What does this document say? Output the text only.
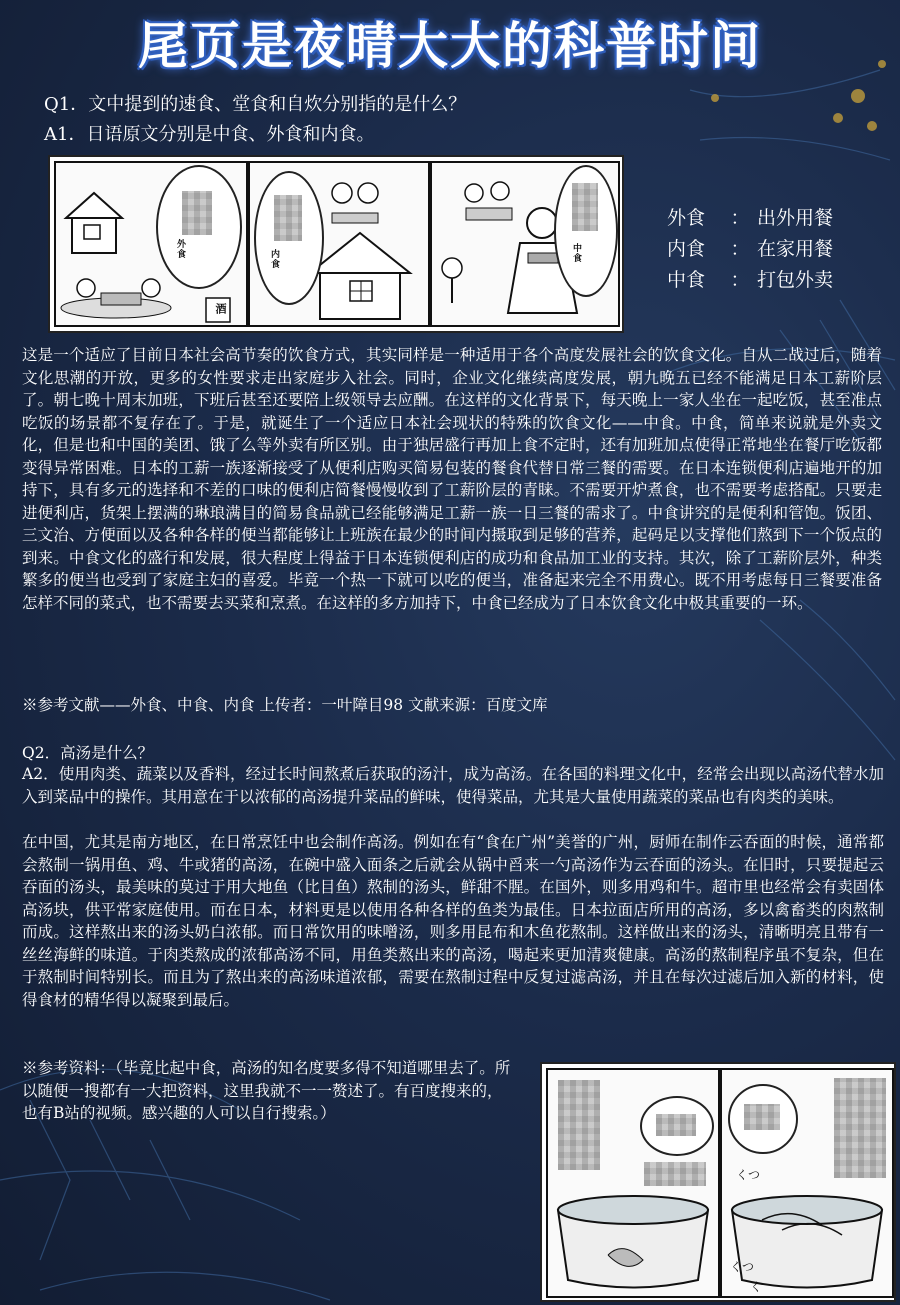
尾页是夜晴大大的科普时间
Q1．文中提到的速食、堂食和自炊分别指的是什么？
A1．日语原文分别是中食、外食和内食。
外食
酒
内食	中食
外食 ： 出外用餐
内食 ： 在家用餐
中食 ： 打包外卖

这是一个适应了目前日本社会高节奏的饮食方式，其实同样是一种适用于各个高度发展社会的饮食文化。自从二战过后，随着文化思潮的开放，更多的女性要求走出家庭步入社会。同时，企业文化继续高度发展，朝九晚五已经不能满足日本工薪阶层了。朝七晚十周末加班，下班后甚至还要陪上级领导去应酬。在这样的文化背景下，每天晚上一家人坐在一起吃饭，甚至准点吃饭的场景都不复存在了。于是，就诞生了一个适应日本社会现状的特殊的饮食文化——中食。中食，简单来说就是外卖文化，但是也和中国的美团、饿了么等外卖有所区别。由于独居盛行再加上食不定时，还有加班加点使得正常地坐在餐厅吃饭都变得异常困难。日本的工薪一族逐渐接受了从便利店购买简易包装的餐食代替日常三餐的需要。在日本连锁便利店遍地开的加持下，具有多元的选择和不差的口味的便利店简餐慢慢收到了工薪阶层的青睐。不需要开炉煮食，也不需要考虑搭配。只要走进便利店，货架上摆满的琳琅满目的简易食品就已经能够满足工薪一族一日三餐的需求了。中食讲究的是便利和管饱。饭团、三文治、方便面以及各种各样的便当都能够让上班族在最少的时间内摄取到足够的营养，起码足以支撑他们熬到下一个饭点的到来。中食文化的盛行和发展，很大程度上得益于日本连锁便利店的成功和食品加工业的支持。其次，除了工薪阶层外，种类繁多的便当也受到了家庭主妇的喜爱。毕竟一个热一下就可以吃的便当，准备起来完全不用费心。既不用考虑每日三餐要准备怎样不同的菜式，也不需要去买菜和烹煮。在这样的多方加持下，中食已经成为了日本饮食文化中极其重要的一环。

※参考文献——外食、中食、内食 上传者：一叶障目98 文献来源：百度文库
Q2．高汤是什么？

A2．使用肉类、蔬菜以及香料，经过长时间熬煮后获取的汤汁，成为高汤。在各国的料理文化中，经常会出现以高汤代替水加入到菜品中的操作。其用意在于以浓郁的高汤提升菜品的鲜味，使得菜品，尤其是大量使用蔬菜的菜品也有肉类的美味。

在中国，尤其是南方地区，在日常烹饪中也会制作高汤。例如在有“食在广州”美誉的广州，厨师在制作云吞面的时候，通常都会熬制一锅用鱼、鸡、牛或猪的高汤，在碗中盛入面条之后就会从锅中舀来一勺高汤作为云吞面的汤头。在旧时，只要提起云吞面的汤头，最美味的莫过于用大地鱼（比目鱼）熬制的汤头，鲜甜不腥。在国外，则多用鸡和牛。超市里也经常会有卖固体高汤块，供平常家庭使用。而在日本，材料更是以使用各种各样的鱼类为最佳。日本拉面店所用的高汤，多以禽畜类的肉熬制而成。这样熬出来的汤头奶白浓郁。而日常饮用的味噌汤，则多用昆布和木鱼花熬制。这样做出来的汤头，清晰明亮且带有一丝丝海鲜的味道。于肉类熬成的浓郁高汤不同，用鱼类熬出来的高汤，喝起来更加清爽健康。高汤的熬制程序虽不复杂，但在于熬制时间特别长。而且为了熬出来的高汤味道浓郁，需要在熬制过程中反复过滤高汤，并且在每次过滤后加入新的材料，使得食材的精华得以凝聚到最后。

※参考资料：（毕竟比起中食，高汤的知名度要多得不知道哪里去了。所以随便一搜都有一大把资料，这里我就不一一赘述了。有百度搜来的，也有B站的视频。感兴趣的人可以自行搜索。）

くつ
くつ
く
